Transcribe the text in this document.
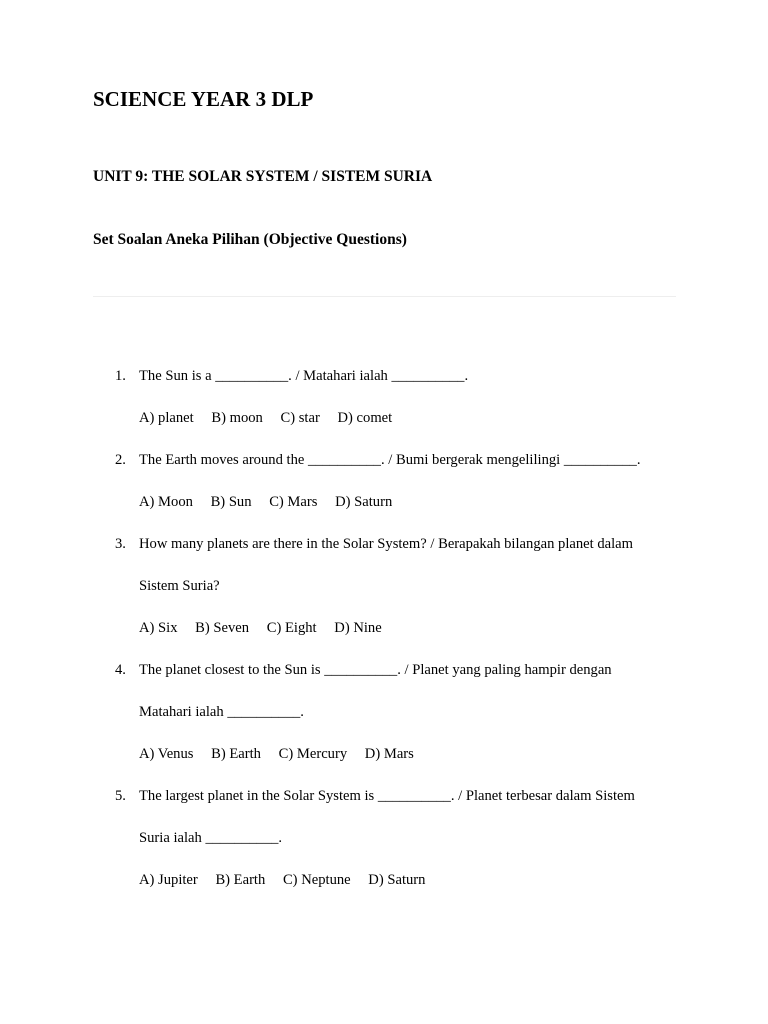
SCIENCE YEAR 3 DLP
UNIT 9: THE SOLAR SYSTEM / SISTEM SURIA
Set Soalan Aneka Pilihan (Objective Questions)
1. The Sun is a __________. / Matahari ialah __________.
A) planet B) moon C) star D) comet
2. The Earth moves around the __________. / Bumi bergerak mengelilingi __________.
A) Moon B) Sun C) Mars D) Saturn
3. How many planets are there in the Solar System? / Berapakah bilangan planet dalam
Sistem Suria?
A) Six B) Seven C) Eight D) Nine
4. The planet closest to the Sun is __________. / Planet yang paling hampir dengan
Matahari ialah __________.
A) Venus B) Earth C) Mercury D) Mars
5. The largest planet in the Solar System is __________. / Planet terbesar dalam Sistem
Suria ialah __________.
A) Jupiter B) Earth C) Neptune D) Saturn
